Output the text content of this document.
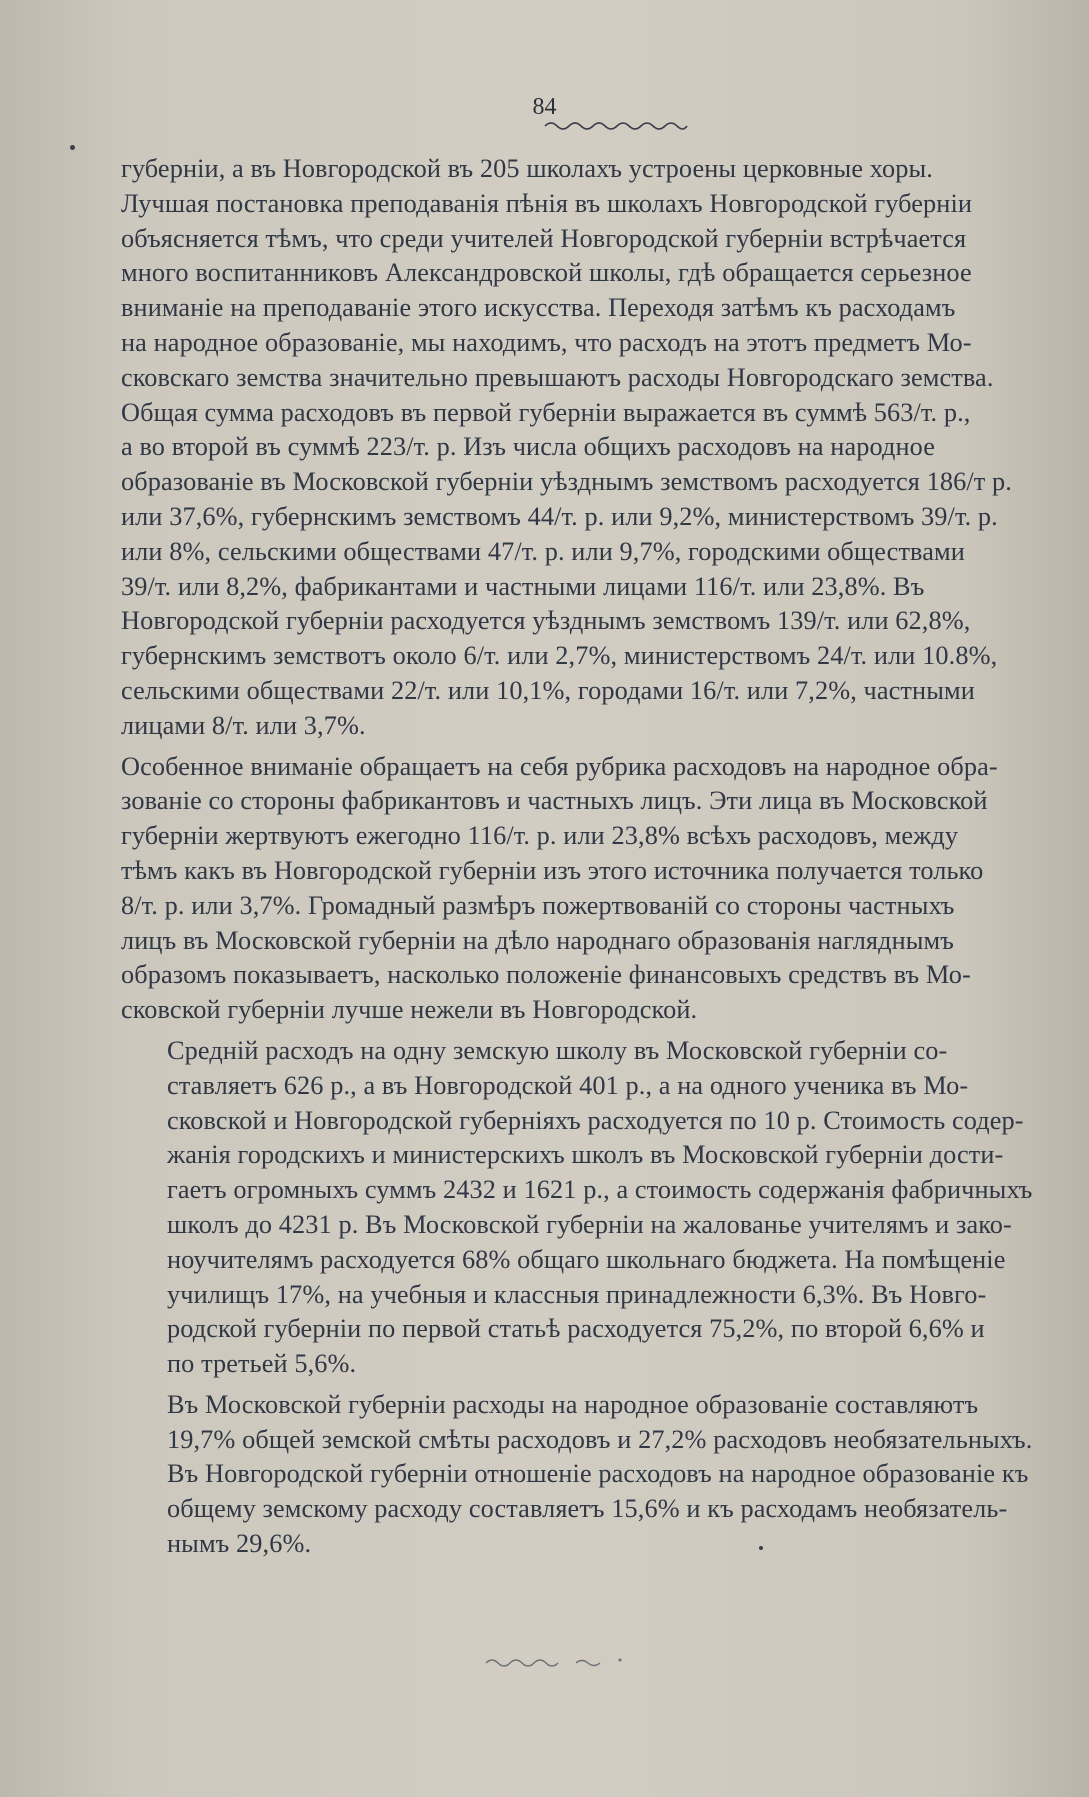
84
губерніи, а въ Новгородской въ 205 школахъ устроены церковные хоры.
Лучшая постановка преподаванія пѣнія въ школахъ Новгородской губерніи
объясняется тѣмъ, что среди учителей Новгородской губерніи встрѣчается
много воспитанниковъ Александровской школы, гдѣ обращается серьезное
вниманіе на преподаваніе этого искусства. Переходя затѣмъ къ расходамъ
на народное образованіе, мы находимъ, что расходъ на этотъ предметъ Мо-
сковскаго земства значительно превышаютъ расходы Новгородскаго земства.
Общая сумма расходовъ въ первой губерніи выражается въ суммѣ 563/т. р.,
а во второй въ суммѣ 223/т. р. Изъ числа общихъ расходовъ на народное
образованіе въ Московской губерніи уѣзднымъ земствомъ расходуется 186/т р.
или 37,6%, губернскимъ земствомъ 44/т. р. или 9,2%, министерствомъ 39/т. р.
или 8%, сельскими обществами 47/т. р. или 9,7%, городскими обществами
39/т. или 8,2%, фабрикантами и частными лицами 116/т. или 23,8%. Въ
Новгородской губерніи расходуется уѣзднымъ земствомъ 139/т. или 62,8%,
губернскимъ земствотъ около 6/т. или 2,7%, министерствомъ 24/т. или 10.8%,
сельскими обществами 22/т. или 10,1%, городами 16/т. или 7,2%, частными
лицами 8/т. или 3,7%.
Особенное вниманіе обращаетъ на себя рубрика расходовъ на народное обра-
зованіе со стороны фабрикантовъ и частныхъ лицъ. Эти лица въ Московской
губерніи жертвуютъ ежегодно 116/т. р. или 23,8% всѣхъ расходовъ, между
тѣмъ какъ въ Новгородской губерніи изъ этого источника получается только
8/т. р. или 3,7%. Громадный размѣръ пожертвованій со стороны частныхъ
лицъ въ Московской губерніи на дѣло народнаго образованія нагляднымъ
образомъ показываетъ, насколько положеніе финансовыхъ средствъ въ Мо-
сковской губерніи лучше нежели въ Новгородской.
Средній расходъ на одну земскую школу въ Московской губерніи со-
ставляетъ 626 р., а въ Новгородской 401 р., а на одного ученика въ Мо-
сковской и Новгородской губерніяхъ расходуется по 10 р. Стоимость содер-
жанія городскихъ и министерскихъ школъ въ Московской губерніи дости-
гаетъ огромныхъ суммъ 2432 и 1621 р., а стоимость содержанія фабричныхъ
школъ до 4231 р. Въ Московской губерніи на жалованье учителямъ и зако-
ноучителямъ расходуется 68% общаго школьнаго бюджета. На помѣщеніе
училищъ 17%, на учебныя и классныя принадлежности 6,3%. Въ Новго-
родской губерніи по первой статьѣ расходуется 75,2%, по второй 6,6% и
по третьей 5,6%.
Въ Московской губерніи расходы на народное образованіе составляютъ
19,7% общей земской смѣты расходовъ и 27,2% расходовъ необязательныхъ.
Въ Новгородской губерніи отношеніе расходовъ на народное образованіе къ
общему земскому расходу составляетъ 15,6% и къ расходамъ необязатель-
нымъ 29,6%.
